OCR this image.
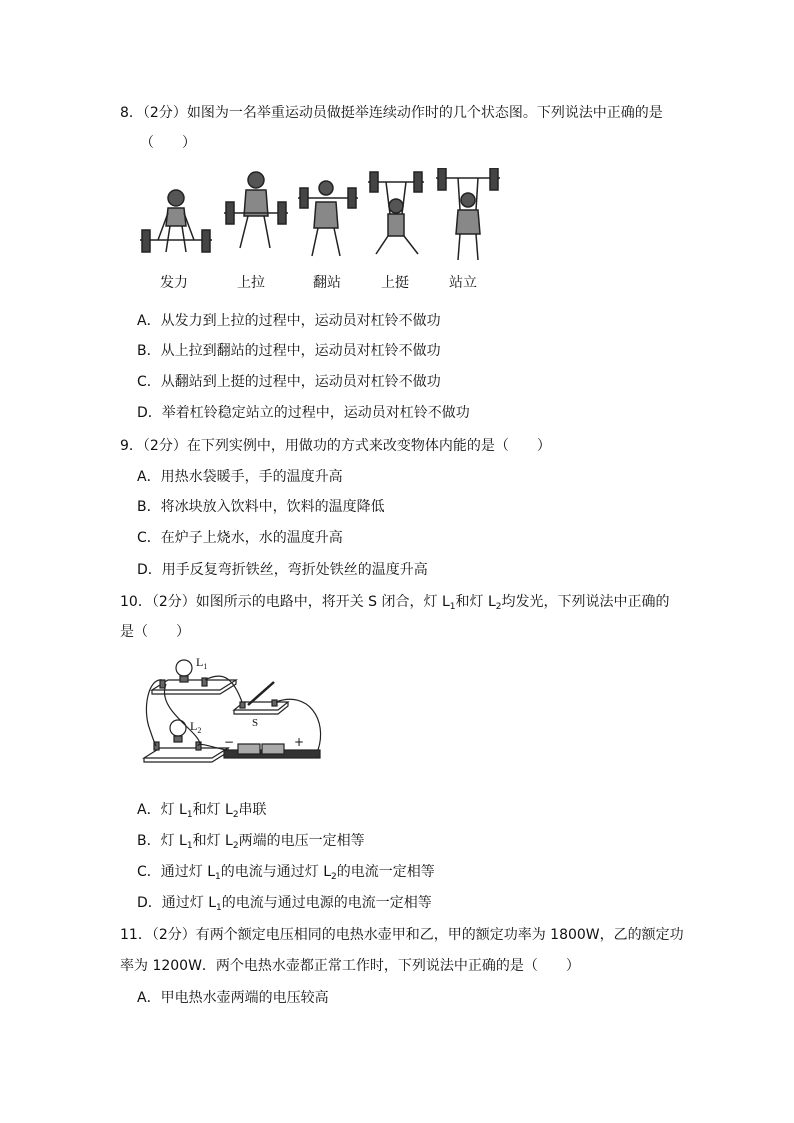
8．（2分）如图为一名举重运动员做挺举连续动作时的几个状态图。下列说法中正确的是
（　　）
发力	上拉	翻站	上挺	站立
A．从发力到上拉的过程中，运动员对杠铃不做功
B．从上拉到翻站的过程中，运动员对杠铃不做功
C．从翻站到上挺的过程中，运动员对杠铃不做功
D．举着杠铃稳定站立的过程中，运动员对杠铃不做功
9．（2分）在下列实例中，用做功的方式来改变物体内能的是（　　）
A．用热水袋暖手，手的温度升高
B．将冰块放入饮料中，饮料的温度降低
C．在炉子上烧水，水的温度升高
D．用手反复弯折铁丝，弯折处铁丝的温度升高
10．（2分）如图所示的电路中，将开关 S 闭合，灯 $L_1$和灯 $L_2$均发光，下列说法中正确的
是（　　）
$L_1$
$L_2$
S
−	+
A．灯 $L_1$和灯 $L_2$串联
B．灯 $L_1$和灯 $L_2$两端的电压一定相等
C．通过灯 $L_1$的电流与通过灯 $L_2$的电流一定相等
D．通过灯 $L_1$的电流与通过电源的电流一定相等
11．（2分）有两个额定电压相同的电热水壶甲和乙，甲的额定功率为 1800W，乙的额定功
率为 1200W．两个电热水壶都正常工作时，下列说法中正确的是（　　）
A．甲电热水壶两端的电压较高
